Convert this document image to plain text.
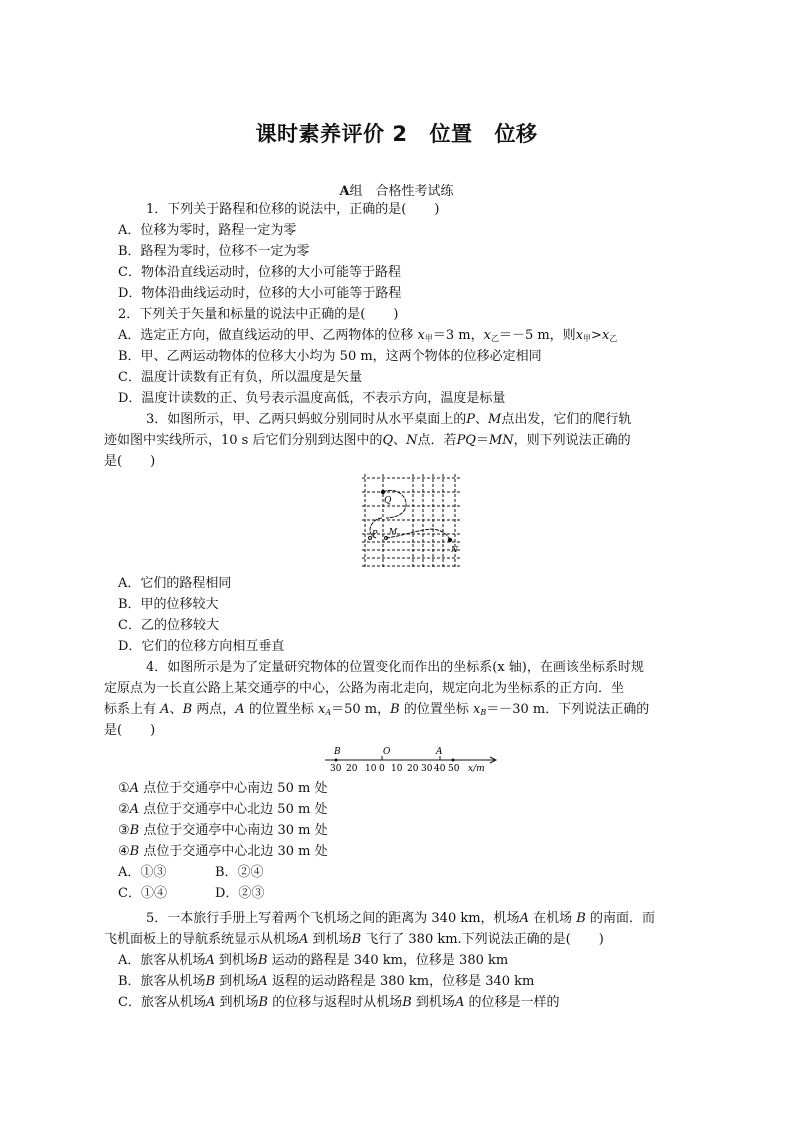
课时素养评价 2 位置 位移
A组　合格性考试练
1．下列关于路程和位移的说法中，正确的是( )
A．位移为零时，路程一定为零
B．路程为零时，位移不一定为零
C．物体沿直线运动时，位移的大小可能等于路程
D．物体沿曲线运动时，位移的大小可能等于路程
2．下列关于矢量和标量的说法中正确的是( )
A．选定正方向，做直线运动的甲、乙两物体的位移 $x_甲=3$ m，$x_乙=-5$ m，则$x_甲>x_乙$
B．甲、乙两运动物体的位移大小均为 50 m，这两个物体的位移必定相同
C．温度计读数有正有负，所以温度是矢量
D．温度计读数的正、负号表示温度高低，不表示方向，温度是标量
3．如图所示，甲、乙两只蚂蚁分别同时从水平桌面上的P、M点出发，它们的爬行轨
迹如图中实线所示，10 s 后它们分别到达图中的Q、N点．若PQ＝MN，则下列说法正确的
是( )
Q
P M
N
A．它们的路程相同
B．甲的位移较大
C．乙的位移较大
D．它们的位移方向相互垂直
4．如图所示是为了定量研究物体的位置变化而作出的坐标系(x 轴)，在画该坐标系时规
定原点为一长直公路上某交通亭的中心，公路为南北走向，规定向北为坐标系的正方向．坐
标系上有 A、B 两点，A 的位置坐标 $x_A=50$ m，B 的位置坐标 $x_B=-30$ m．下列说法正确的
是( )
B	O	A
30 20 10 0 10 20 30 40 50 x/m
①A 点位于交通亭中心南边 50 m 处
②A 点位于交通亭中心北边 50 m 处
③B 点位于交通亭中心南边 30 m 处
④B 点位于交通亭中心北边 30 m 处
A．①③	B．②④
C．①④	D．②③
5．一本旅行手册上写着两个飞机场之间的距离为 340 km，机场A 在机场 B 的南面．而
飞机面板上的导航系统显示从机场A 到机场B 飞行了 380 km.下列说法正确的是( )
A．旅客从机场A 到机场B 运动的路程是 340 km，位移是 380 km
B．旅客从机场B 到机场A 返程的运动路程是 380 km，位移是 340 km
C．旅客从机场A 到机场B 的位移与返程时从机场B 到机场A 的位移是一样的
